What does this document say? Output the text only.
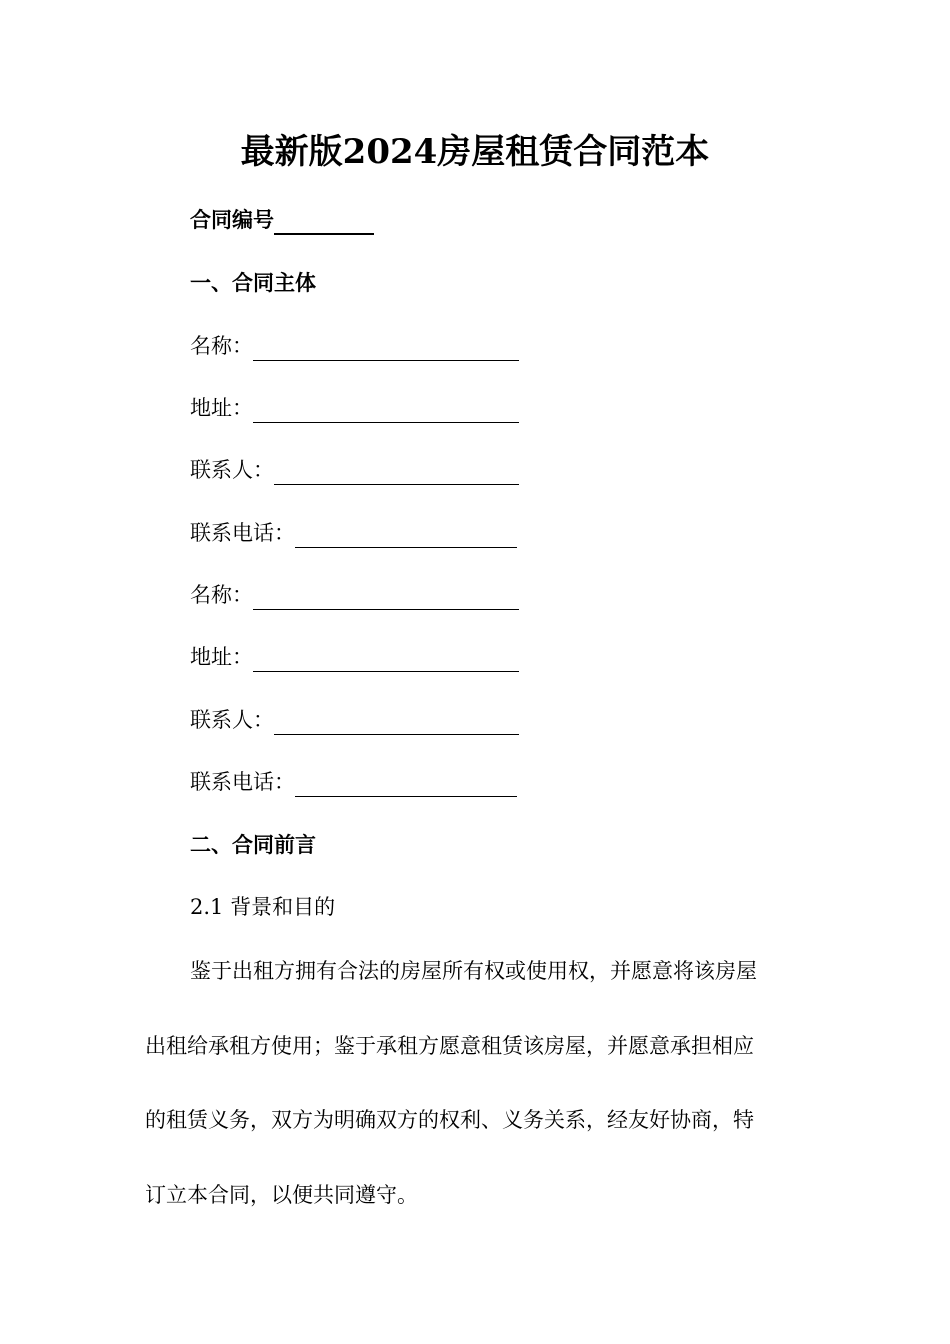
最新版2024房屋租赁合同范本
合同编号
一、合同主体
名称：
地址：
联系人：
联系电话：
名称：
地址：
联系人：
联系电话：
二、合同前言
2.1 背景和目的
鉴于出租方拥有合法的房屋所有权或使用权，并愿意将该房屋
出租给承租方使用；鉴于承租方愿意租赁该房屋，并愿意承担相应
的租赁义务，双方为明确双方的权利、义务关系，经友好协商，特
订立本合同，以便共同遵守。
